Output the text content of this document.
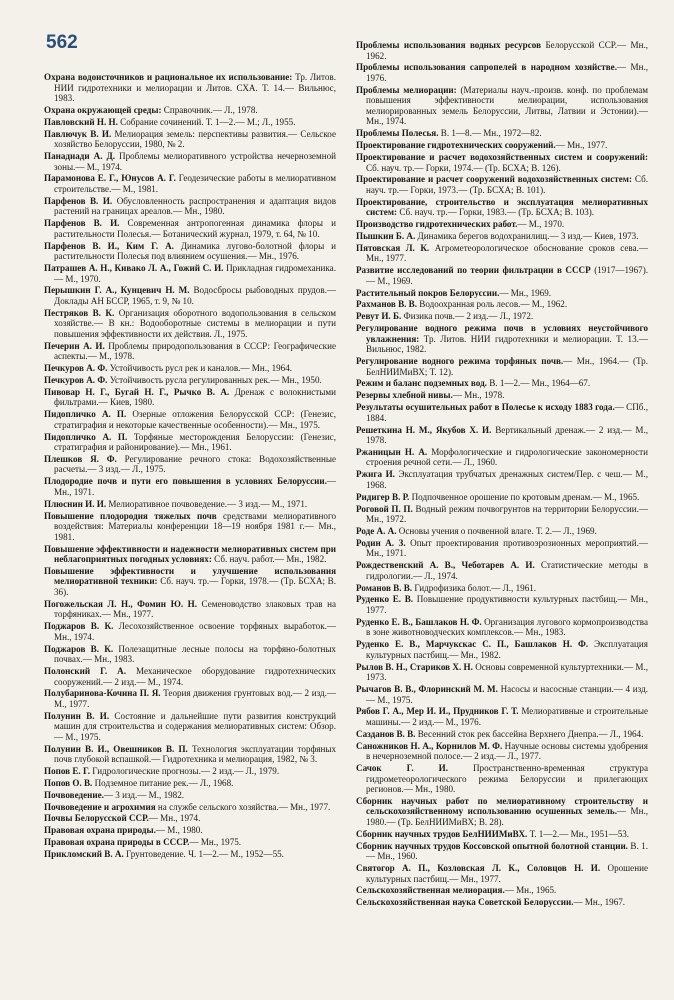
562

Охрана водоисточников и рациональное их использование: Тр. Литов. НИИ гидротехники и мелиорации и Литов. СХА. Т. 14.— Вильнюс, 1983.

Охрана окружающей среды: Справочник.— Л., 1978.

Павловский Н. Н. Собрание сочинений. Т. 1—2.— М.; Л., 1955.

Павлючук В. И. Мелиорация земель: перспективы развития.— Сельское хозяйство Белоруссии, 1980, № 2.

Панадиади А. Д. Проблемы мелиоративного устройства нечерноземной зоны.— М., 1974.

Парамонова Е. Г., Юнусов А. Г. Геодезические работы в мелиоративном строительстве.— М., 1981.

Парфенов В. И. Обусловленность распространения и адаптация видов растений на границах ареалов.— Мн., 1980.

Парфенов В. И. Современная антропогенная динамика флоры и растительности Полесья.— Ботанический журнал, 1979, т. 64, № 10.

Парфенов В. И., Ким Г. А. Динамика лугово-болотной флоры и растительности Полесья под влиянием осушения.— Мн., 1976.

Патрашев А. Н., Кивако Л. А., Гожий С. И. Прикладная гидромеханика.— М., 1970.

Перышкин Г. А., Кунцевич Н. М. Водосбросы рыбоводных прудов.— Доклады АН БССР, 1965, т. 9, № 10.

Пестряков В. К. Организация оборотного водопользования в сельском хозяйстве.— В кн.: Водооборотные системы в мелиорации и пути повышения эффективности их действия. Л., 1975.

Печерин А. И. Проблемы природопользования в СССР: Географические аспекты.— М., 1978.

Печкуров А. Ф. Устойчивость русл рек и каналов.— Мн., 1964.

Печкуров А. Ф. Устойчивость русла регулированных рек.— Мн., 1950.

Пивовар Н. Г., Бугай Н. Г., Рычко В. А. Дренаж с волокнистыми фильтрами.— Киев, 1980.

Пидопличко А. П. Озерные отложения Белорусской ССР: (Генезис, стратиграфия и некоторые качественные особенности).— Мн., 1975.

Пидопличко А. П. Торфяные месторождения Белоруссии: (Генезис, стратиграфия и районирование).— Мн., 1961.

Плешков Я. Ф. Регулирование речного стока: Водохозяйственные расчеты.— 3 изд.— Л., 1975.

Плодородие почв и пути его повышения в условиях Белоруссии.— Мн., 1971.

Плюснин И. И. Мелиоративное почвоведение.— 3 изд.— М., 1971.

Повышение плодородия тяжелых почв средствами мелиоративного воздействия: Материалы конференции 18—19 ноября 1981 г.— Мн., 1981.

Повышение эффективности и надежности мелиоративных систем при неблагоприятных погодных условиях: Сб. науч. работ.— Мн., 1982.

Повышение эффективности и улучшение использования мелиоративной техники: Сб. науч. тр.— Горки, 1978.— (Тр. БСХА; В. 36).

Погожельская Л. Н., Фомин Ю. Н. Семеноводство злаковых трав на торфяниках.— Мн., 1977.

Поджаров В. К. Лесохозяйственное освоение торфяных выработок.— Мн., 1974.

Поджаров В. К. Полезащитные лесные полосы на торфяно-болотных почвах.— Мн., 1983.

Полонский Г. А. Механическое оборудование гидротехнических сооружений.— 2 изд.— М., 1974.

Полубаринова-Кочина П. Я. Теория движения грунтовых вод.— 2 изд.— М., 1977.

Полунин В. И. Состояние и дальнейшие пути развития конструкций машин для строительства и содержания мелиоративных систем: Обзор.— М., 1975.

Полунин В. И., Овешников В. П. Технология эксплуатации торфяных почв глубокой вспашкой.— Гидротехника и мелиорация, 1982, № 3.

Попов Е. Г. Гидрологические прогнозы.— 2 изд.— Л., 1979.

Попов О. В. Подземное питание рек.— Л., 1968.

Почвоведение.— 3 изд.— М., 1982.

Почвоведение и агрохимия на службе сельского хозяйства.— Мн., 1977.

Почвы Белорусской ССР.— Мн., 1974.

Правовая охрана природы.— М., 1980.

Правовая охрана природы в СССР.— Мн., 1975.

Прикломский В. А. Грунтоведение. Ч. 1—2.— М., 1952—55.

Проблемы использования водных ресурсов Белорусской ССР.— Мн., 1962.

Проблемы использования сапропелей в народном хозяйстве.— Мн., 1976.

Проблемы мелиорации: (Материалы науч.-произв. конф. по проблемам повышения эффективности мелиорации, использования мелиорированных земель Белоруссии, Литвы, Латвии и Эстонии).— Мн., 1974.

Проблемы Полесья. В. 1—8.— Мн., 1972—82.

Проектирование гидротехнических сооружений.— Мн., 1977.

Проектирование и расчет водохозяйственных систем и сооружений: Сб. науч. тр.— Горки, 1974.— (Тр. БСХА; В. 126).

Проектирование и расчет сооружений водохозяйственных систем: Сб. науч. тр.— Горки, 1973.— (Тр. БСХА; В. 101).

Проектирование, строительство и эксплуатация мелиоративных систем: Сб. науч. тр.— Горки, 1983.— (Тр. БСХА; В. 103).

Производство гидротехнических работ.— М., 1970.

Пышкин Б. А. Динамика берегов водохранилищ.— 3 изд.— Киев, 1973.

Пятовская Л. К. Агрометеорологическое обоснование сроков сева.— Мн., 1977.

Развитие исследований по теории фильтрации в СССР (1917—1967).— М., 1969.

Растительный покров Белоруссии.— Мн., 1969.

Рахманов В. В. Водоохранная роль лесов.— М., 1962.

Ревут И. Б. Физика почв.— 2 изд.— Л., 1972.

Регулирование водного режима почв в условиях неустойчивого увлажнения: Тр. Литов. НИИ гидротехники и мелиорации. Т. 13.— Вильнюс, 1982.

Регулирование водного режима торфяных почв.— Мн., 1964.— (Тр. БелНИИМиВХ; Т. 12).

Режим и баланс подземных вод. В. 1—2.— Мн., 1964—67.

Резервы хлебной нивы.— Мн., 1978.

Результаты осушительных работ в Полесье к исходу 1883 года.— СПб., 1884.

Решеткина Н. М., Якубов Х. И. Вертикальный дренаж.— 2 изд.— М., 1978.

Ржаницын Н. А. Морфологические и гидрологические закономерности строения речной сети.— Л., 1960.

Ржига И. Эксплуатация трубчатых дренажных систем/Пер. с чеш.— М., 1968.

Ридигер В. Р. Подпочвенное орошение по кротовым дренам.— М., 1965.

Роговой П. П. Водный режим почвогрунтов на территории Белоруссии.— Мн., 1972.

Роде А. А. Основы учения о почвенной влаге. Т. 2.— Л., 1969.

Родин А. З. Опыт проектирования противоэрозионных мероприятий.— Мн., 1971.

Рождественский А. В., Чеботарев А. И. Статистические методы в гидрологии.— Л., 1974.

Романов В. В. Гидрофизика болот.— Л., 1961.

Руденко Е. В. Повышение продуктивности культурных пастбищ.— Мн., 1977.

Руденко Е. В., Башлаков Н. Ф. Организация лугового кормопроизводства в зоне животноводческих комплексов.— Мн., 1983.

Руденко Е. В., Марчукскас С. П., Башлаков Н. Ф. Эксплуатация культурных пастбищ.— Мн., 1982.

Рылов В. Н., Стариков Х. Н. Основы современной культуртехники.— М., 1973.

Рычагов В. В., Флоринский М. М. Насосы и насосные станции.— 4 изд.— М., 1975.

Рябов Г. А., Мер И. И., Прудников Г. Т. Мелиоративные и строительные машины.— 2 изд.— М., 1976.

Сазданов В. В. Весенний сток рек бассейна Верхнего Днепра.— Л., 1964.

Саножников Н. А., Корнилов М. Ф. Научные основы системы удобрения в нечерноземной полосе.— 2 изд.— Л., 1977.

Сачок Г. И. Пространственно-временная структура гидрометеорологического режима Белоруссии и прилегающих регионов.— Мн., 1980.

Сборник научных работ по мелиоративному строительству и сельскохозяйственному использованию осушенных земель.— Мн., 1980.— (Тр. БелНИИМиВХ; В. 28).

Сборник научных трудов БелНИИМиВХ. Т. 1—2.— Мн., 1951—53.

Сборник научных трудов Коссовской опытной болотной станции. В. 1.— Мн., 1960.

Святогор А. П., Козловская Л. К., Соловцов Н. И. Орошение культурных пастбищ.— Мн., 1977.

Сельскохозяйственная мелиорация.— Мн., 1965.

Сельскохозяйственная наука Советской Белоруссии.— Мн., 1967.
